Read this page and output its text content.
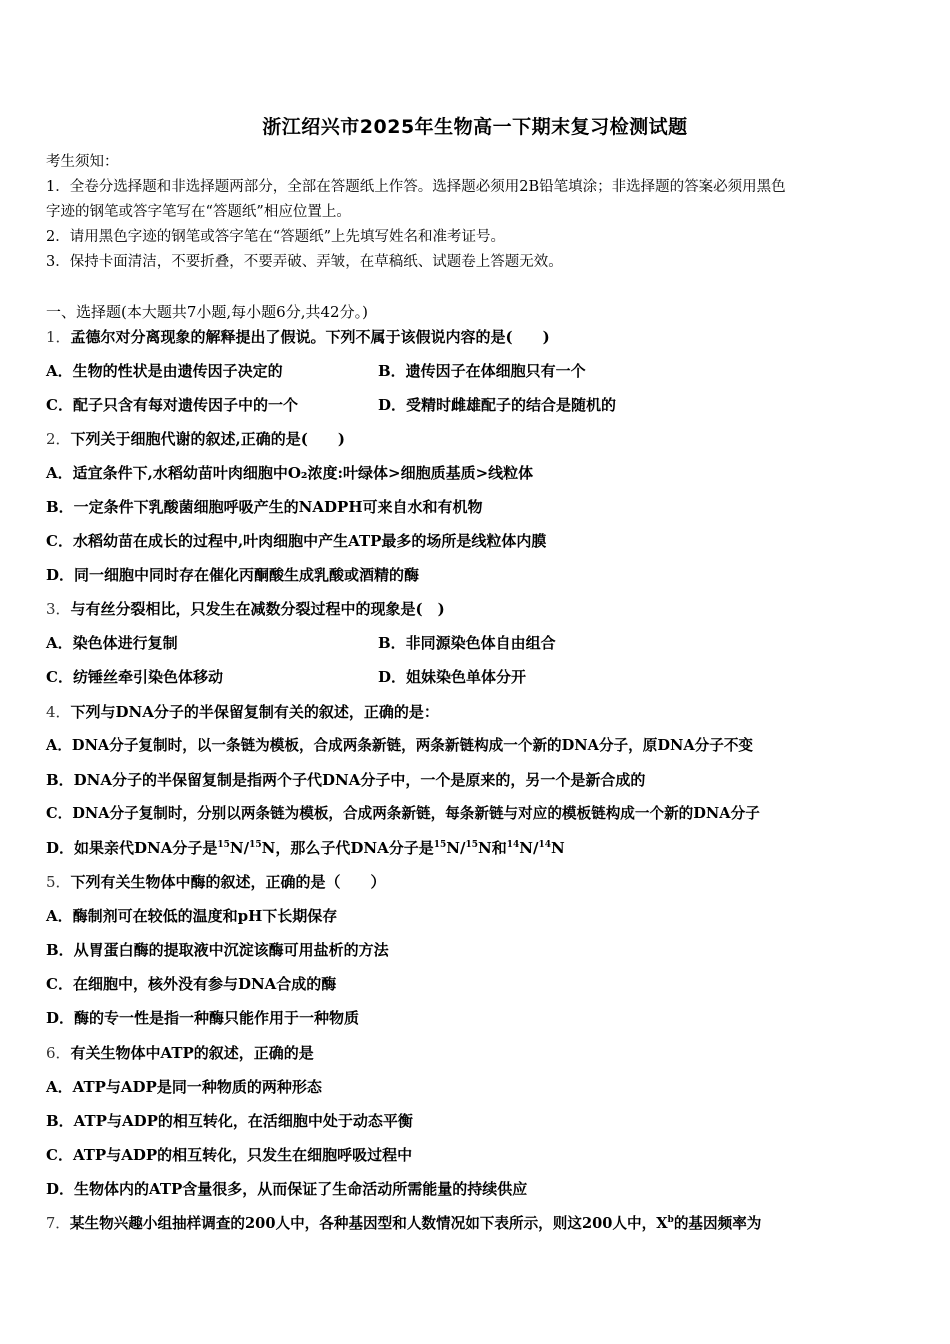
浙江绍兴市2025年生物高一下期末复习检测试题
考生须知：
1．全卷分选择题和非选择题两部分，全部在答题纸上作答。选择题必须用2B铅笔填涂；非选择题的答案必须用黑色
字迹的钢笔或答字笔写在“答题纸”相应位置上。
2．请用黑色字迹的钢笔或答字笔在“答题纸”上先填写姓名和准考证号。
3．保持卡面清洁，不要折叠，不要弄破、弄皱，在草稿纸、试题卷上答题无效。
一、选择题(本大题共7小题,每小题6分,共42分。)
1．孟德尔对分离现象的解释提出了假说。下列不属于该假说内容的是(　　)
A．生物的性状是由遗传因子决定的	B．遗传因子在体细胞只有一个
C．配子只含有每对遗传因子中的一个	D．受精时雌雄配子的结合是随机的
2．下列关于细胞代谢的叙述,正确的是(　　)
A．适宜条件下,水稻幼苗叶肉细胞中O₂浓度:叶绿体>细胞质基质>线粒体
B．一定条件下乳酸菌细胞呼吸产生的NADPH可来自水和有机物
C．水稻幼苗在成长的过程中,叶肉细胞中产生ATP最多的场所是线粒体内膜
D．同一细胞中同时存在催化丙酮酸生成乳酸或酒精的酶
3．与有丝分裂相比，只发生在减数分裂过程中的现象是(　)
A．染色体进行复制	B．非同源染色体自由组合
C．纺锤丝牵引染色体移动	D．姐妹染色单体分开
4．下列与DNA分子的半保留复制有关的叙述，正确的是：
A．DNA分子复制时，以一条链为模板，合成两条新链，两条新链构成一个新的DNA分子，原DNA分子不变
B．DNA分子的半保留复制是指两个子代DNA分子中，一个是原来的，另一个是新合成的
C．DNA分子复制时，分别以两条链为模板，合成两条新链，每条新链与对应的模板链构成一个新的DNA分子
D．如果亲代DNA分子是$^{15}$N/$^{15}$N，那么子代DNA分子是$^{15}$N/$^{15}$N和$^{14}$N/$^{14}$N
5．下列有关生物体中酶的叙述，正确的是（　　）
A．酶制剂可在较低的温度和pH下长期保存
B．从胃蛋白酶的提取液中沉淀该酶可用盐析的方法
C．在细胞中，核外没有参与DNA合成的酶
D．酶的专一性是指一种酶只能作用于一种物质
6．有关生物体中ATP的叙述，正确的是
A．ATP与ADP是同一种物质的两种形态
B．ATP与ADP的相互转化，在活细胞中处于动态平衡
C．ATP与ADP的相互转化，只发生在细胞呼吸过程中
D．生物体内的ATP含量很多，从而保证了生命活动所需能量的持续供应
7．某生物兴趣小组抽样调查的200人中，各种基因型和人数情况如下表所示，则这200人中，$X^b$的基因频率为
